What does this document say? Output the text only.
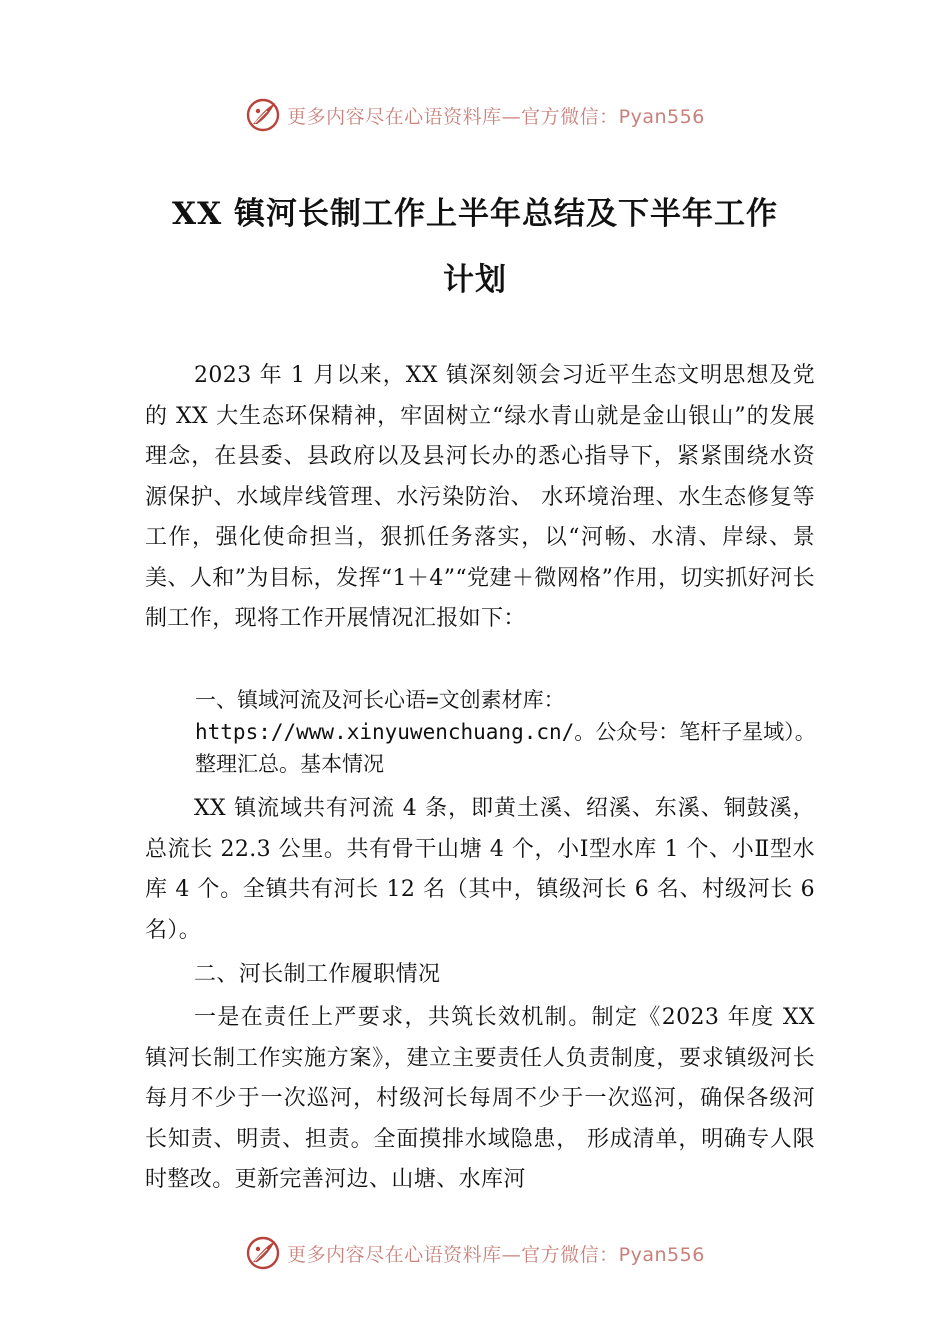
更多内容尽在心语资料库—官方微信：Pyan556
XX 镇河长制工作上半年总结及下半年工作
计划

2023 年 1 月以来，XX 镇深刻领会习近平生态文明思想及党的 XX 大生态环保精神，牢固树立“绿水青山就是金山银山”的发展理念，在县委、县政府以及县河长办的悉心指导下，紧紧围绕水资源保护、水域岸线管理、水污染防治、 水环境治理、水生态修复等工作，强化使命担当，狠抓任务落实，以“河畅、水清、岸绿、景美、人和”为目标，发挥“1＋4”“党建＋微网格”作用，切实抓好河长制工作，现将工作开展情况汇报如下：

一、镇域河流及河长心语=文创素材库：https://www.xinyuwenchuang.cn/。公众号：笔杆子星域）。整理汇总。基本情况

XX 镇流域共有河流 4 条，即黄土溪、绍溪、东溪、铜鼓溪，总流长 22.3 公里。共有骨干山塘 4 个，小Ⅰ型水库 1 个、小Ⅱ型水库 4 个。全镇共有河长 12 名（其中，镇级河长 6 名、村级河长 6 名）。

二、河长制工作履职情况

一是在责任上严要求，共筑长效机制。制定《2023 年度 XX 镇河长制工作实施方案》，建立主要责任人负责制度，要求镇级河长每月不少于一次巡河，村级河长每周不少于一次巡河，确保各级河长知责、明责、担责。全面摸排水域隐患， 形成清单，明确专人限时整改。更新完善河边、山塘、水库河

更多内容尽在心语资料库—官方微信：Pyan556
